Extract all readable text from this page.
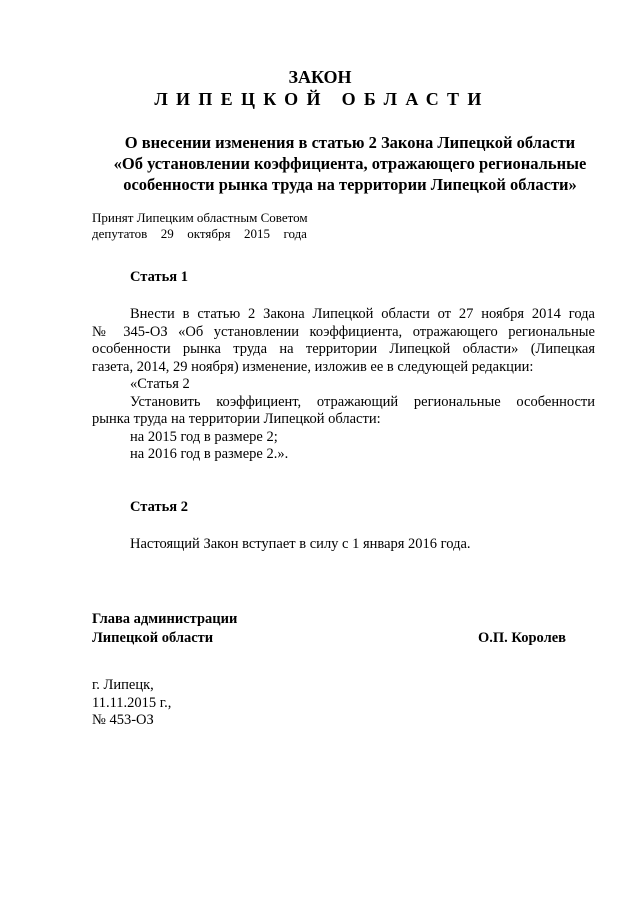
ЗАКОН
ЛИПЕЦКОЙ ОБЛАСТИ
О внесении изменения в статью 2 Закона Липецкой области
«Об установлении коэффициента, отражающего региональные
особенности рынка труда на территории Липецкой области»
Принят Липецким областным Советом
депутатов 29 октября 2015 года
Статья 1
Внести в статью 2 Закона Липецкой области от 27 ноября 2014 года
№ 345-ОЗ «Об установлении коэффициента, отражающего региональные
особенности рынка труда на территории Липецкой области» (Липецкая
газета, 2014, 29 ноября) изменение, изложив ее в следующей редакции:
«Статья 2
Установить коэффициент, отражающий региональные особенности
рынка труда на территории Липецкой области:
на 2015 год в размере 2;
на 2016 год в размере 2.».
Статья 2
Настоящий Закон вступает в силу с 1 января 2016 года.
Глава администрации
Липецкой области	О.П. Королев
г. Липецк,
11.11.2015 г.,
№ 453-ОЗ
